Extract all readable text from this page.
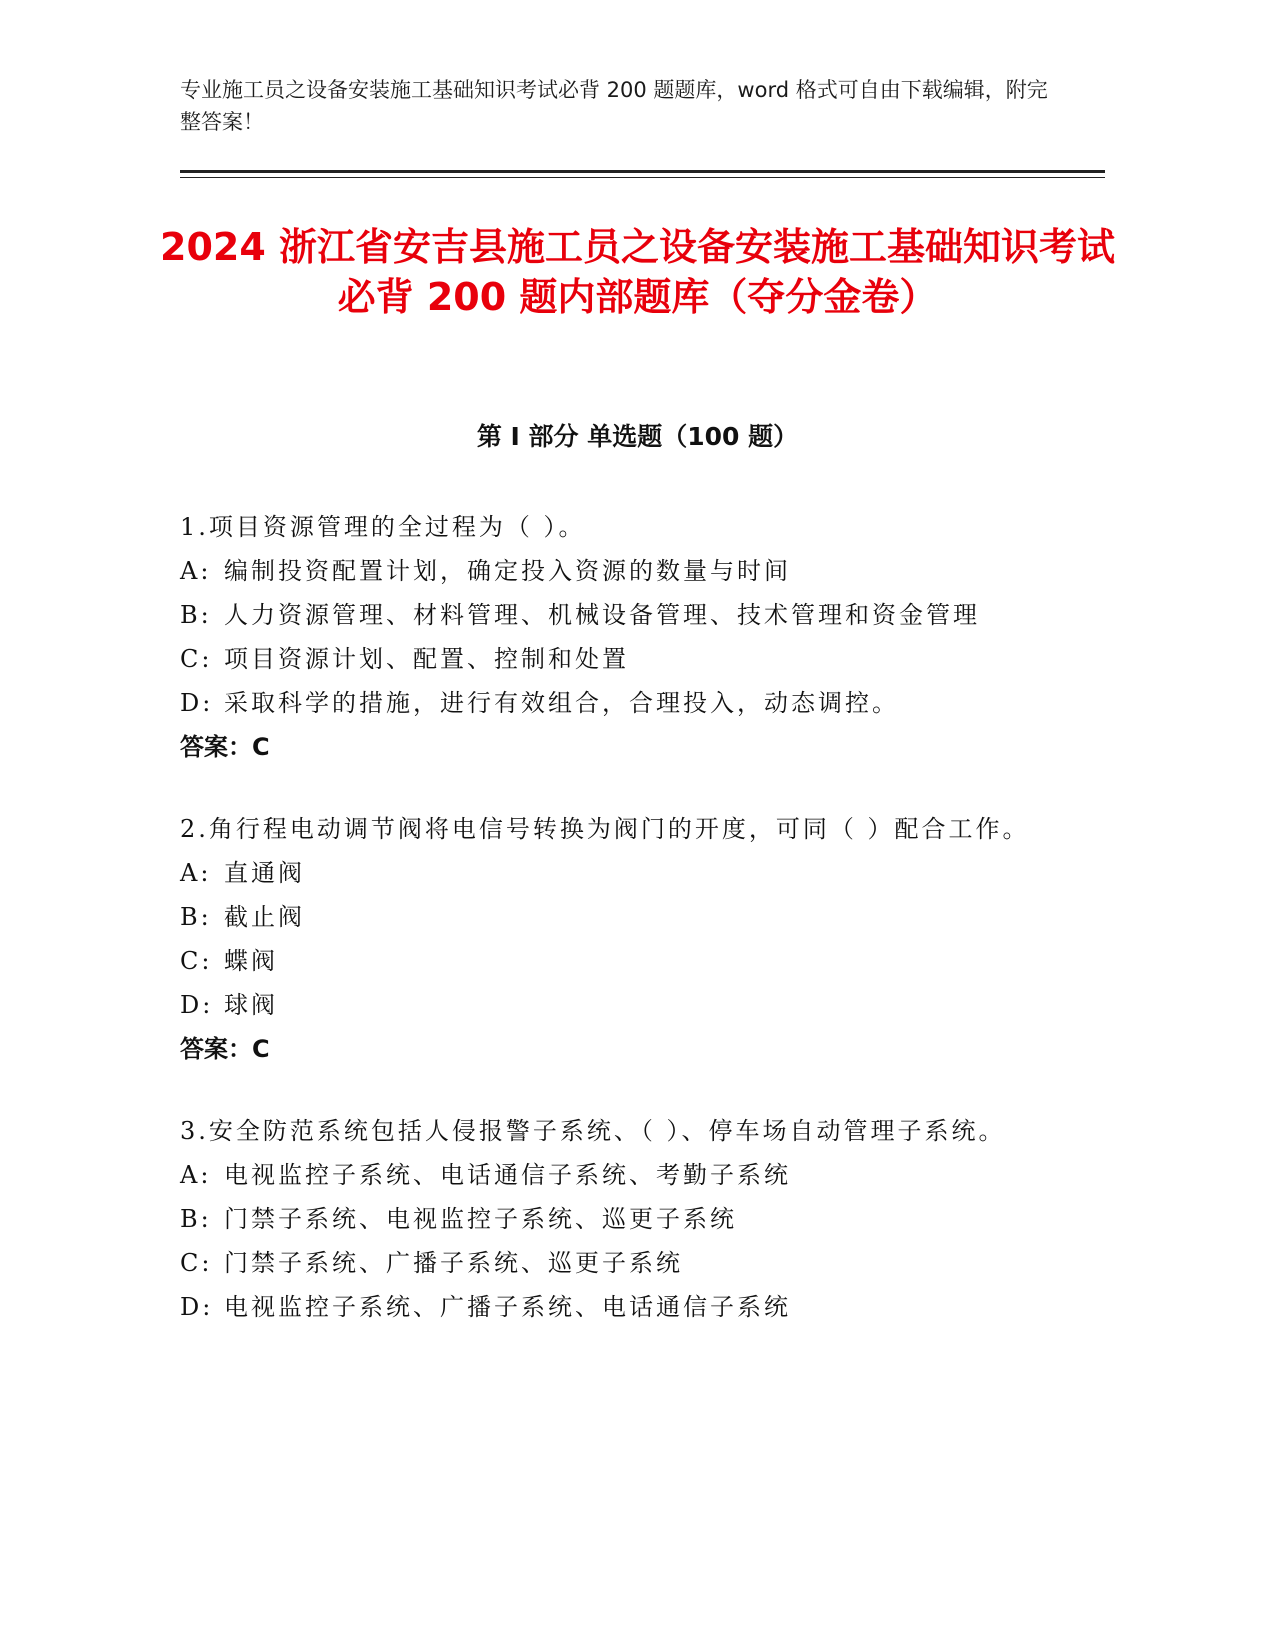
专业施工员之设备安装施工基础知识考试必背 200 题题库，word 格式可自由下载编辑，附完整答案！
2024 浙江省安吉县施工员之设备安装施工基础知识考试必背 200 题内部题库（夺分金卷）
第 I 部分 单选题（100 题）
1.项目资源管理的全过程为（ ）。
A: 编制投资配置计划，确定投入资源的数量与时间
B: 人力资源管理、材料管理、机械设备管理、技术管理和资金管理
C: 项目资源计划、配置、控制和处置
D: 采取科学的措施，进行有效组合，合理投入，动态调控。
答案：C
2.角行程电动调节阀将电信号转换为阀门的开度，可同（ ）配合工作。
A: 直通阀
B: 截止阀
C: 蝶阀
D: 球阀
答案：C
3.安全防范系统包括人侵报警子系统、（ ）、停车场自动管理子系统。
A: 电视监控子系统、电话通信子系统、考勤子系统
B: 门禁子系统、电视监控子系统、巡更子系统
C: 门禁子系统、广播子系统、巡更子系统
D: 电视监控子系统、广播子系统、电话通信子系统
